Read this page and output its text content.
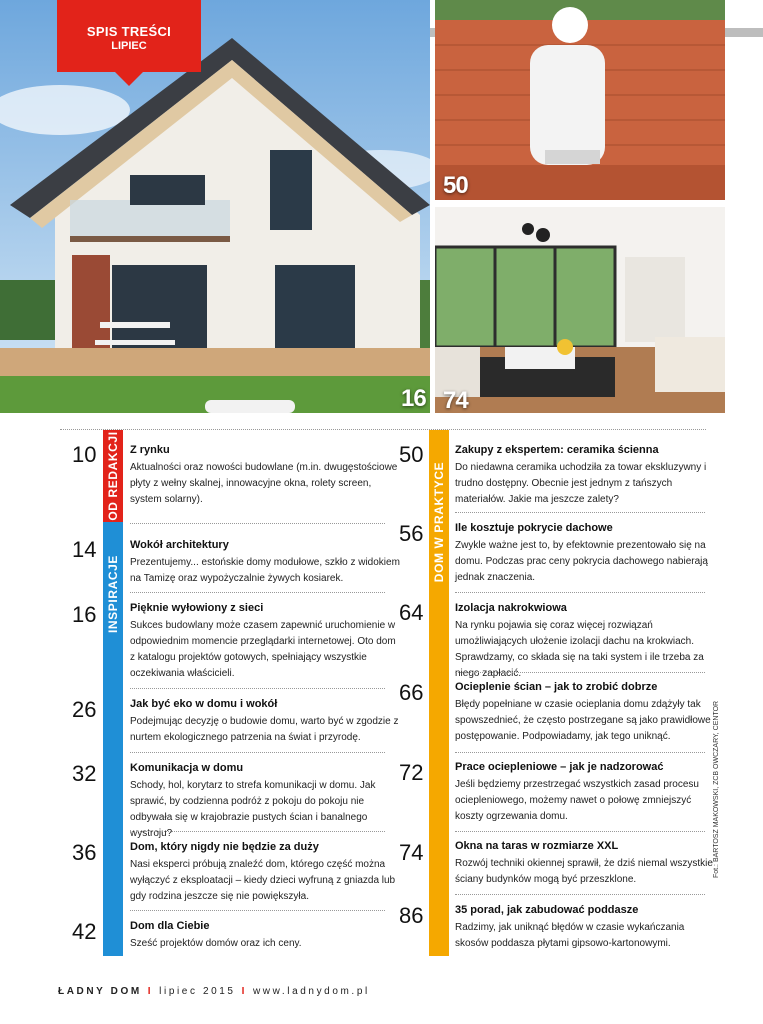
16
SPIS TREŚCI
LIPIEC
50
74
OD REDAKCJI
INSPIRACJE
DOM W PRAKTYCE
10	Z rynku
Aktualności oraz nowości budowlane (m.in. dwugęstościowe płyty z wełny skalnej, innowacyjne okna, rolety screen, system solarny).
14	Wokół architektury
Prezentujemy... estońskie domy modułowe, szkło z widokiem na Tamizę oraz wypożyczalnie żywych kosiarek.
16	Pięknie wyłowiony z sieci
Sukces budowlany może czasem zapewnić uruchomienie w odpowiednim momencie przeglądarki internetowej. Oto dom z katalogu projektów gotowych, spełniający wszystkie oczekiwania właścicieli.
26	Jak być eko w domu i wokół
Podejmując decyzję o budowie domu, warto być w zgodzie z nurtem ekologicznego patrzenia na świat i przyrodę.
32	Komunikacja w domu
Schody, hol, korytarz to strefa komunikacji w domu. Jak sprawić, by codzienna podróż z pokoju do pokoju nie odbywała się w krajobrazie pustych ścian i banalnego wystroju?
36	Dom, który nigdy nie będzie za duży
Nasi eksperci próbują znaleźć dom, którego część można wyłączyć z eksploatacji – kiedy dzieci wyfruną z gniazda lub gdy rodzina jeszcze się nie powiększyła.
42	Dom dla Ciebie
Sześć projektów domów oraz ich ceny.
50	Zakupy z ekspertem: ceramika ścienna
Do niedawna ceramika uchodziła za towar ekskluzywny i trudno dostępny. Obecnie jest jednym z tańszych materiałów. Jakie ma jeszcze zalety?
56	Ile kosztuje pokrycie dachowe
Zwykle ważne jest to, by efektownie prezentowało się na domu. Podczas prac ceny pokrycia dachowego nabierają jednak znaczenia.
64	Izolacja nakrokwiowa
Na rynku pojawia się coraz więcej rozwiązań umożliwiających ułożenie izolacji dachu na krokwiach. Sprawdzamy, co składa się na taki system i ile trzeba za niego zapłacić.
66	Ocieplenie ścian – jak to zrobić dobrze
Błędy popełniane w czasie ocieplania domu zdążyły tak spowszednieć, że często postrzegane są jako prawidłowe postępowanie. Podpowiadamy, jak tego uniknąć.
72	Prace ociepleniowe – jak je nadzorować
Jeśli będziemy przestrzegać wszystkich zasad procesu ociepleniowego, możemy nawet o połowę zmniejszyć koszty ogrzewania domu.
74	Okna na taras w rozmiarze XXL
Rozwój techniki okiennej sprawił, że dziś niemal wszystkie ściany budynków mogą być przeszklone.
86	35 porad, jak zabudować poddasze
Radzimy, jak uniknąć błędów w czasie wykańczania skosów poddasza płytami gipsowo-kartonowymi.
Fot.: BARTOSZ MAKOWSKI, ZCB OWCZARY, CENTOR
ŁADNY DOM I lipiec 2015 I www.ladnydom.pl
